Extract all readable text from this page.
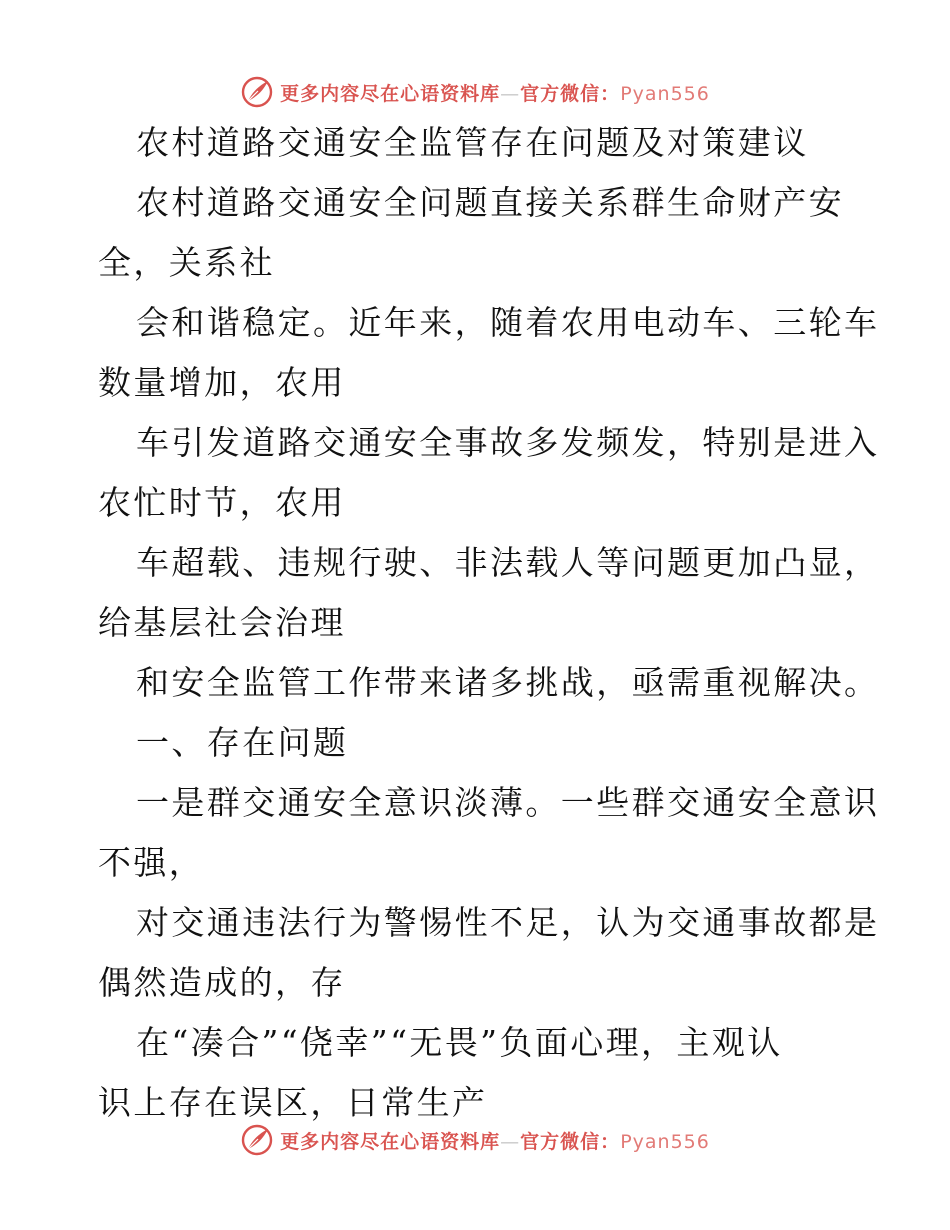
更多内容尽在心语资料库—官方微信：Pyan556
农村道路交通安全监管存在问题及对策建议
农村道路交通安全问题直接关系群生命财产安
全，关系社
会和谐稳定。近年来，随着农用电动车、三轮车
数量增加，农用
车引发道路交通安全事故多发频发，特别是进入
农忙时节，农用
车超载、违规行驶、非法载人等问题更加凸显，
给基层社会治理
和安全监管工作带来诸多挑战，亟需重视解决。
一、存在问题
一是群交通安全意识淡薄。一些群交通安全意识
不强，
对交通违法行为警惕性不足，认为交通事故都是
偶然造成的，存
在“凑合”“侥幸”“无畏”负面心理，主观认
识上存在误区，日常生产
更多内容尽在心语资料库—官方微信：Pyan556
